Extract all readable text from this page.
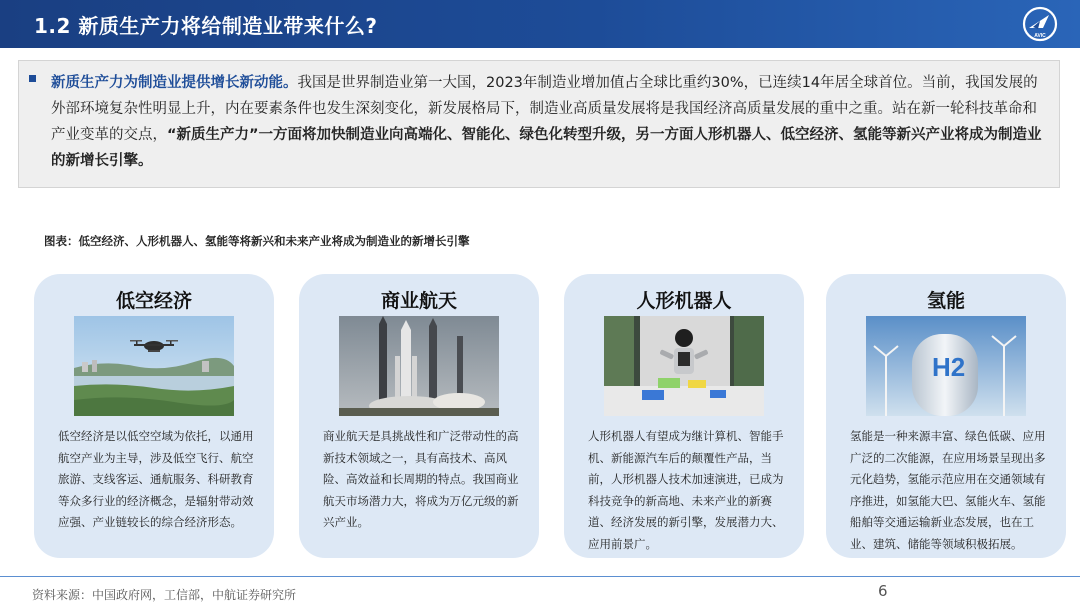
1.2 新质生产力将给制造业带来什么?	AVIC
新质生产力为制造业提供增长新动能。我国是世界制造业第一大国，2023年制造业增加值占全球比重约30%，已连续14年居全球首位。当前，我国发展的外部环境复杂性明显上升，内在要素条件也发生深刻变化，新发展格局下，制造业高质量发展将是我国经济高质量发展的重中之重。站在新一轮科技革命和产业变革的交点，“新质生产力”一方面将加快制造业向高端化、智能化、绿色化转型升级，另一方面人形机器人、低空经济、氢能等新兴产业将成为制造业的新增长引擎。
图表：低空经济、人形机器人、氢能等将新兴和未来产业将成为制造业的新增长引擎
低空经济
低空经济是以低空空域为依托，以通用航空产业为主导，涉及低空飞行、航空旅游、支线客运、通航服务、科研教育等众多行业的经济概念，是辐射带动效应强、产业链较长的综合经济形态。
商业航天
商业航天是具挑战性和广泛带动性的高新技术领域之一，具有高技术、高风险、高效益和长周期的特点。我国商业航天市场潜力大，将成为万亿元级的新兴产业。
人形机器人
人形机器人有望成为继计算机、智能手机、新能源汽车后的颠覆性产品，当前，人形机器人技术加速演进，已成为科技竞争的新高地、未来产业的新赛道、经济发展的新引擎，发展潜力大、应用前景广。
氢能
H2
氢能是一种来源丰富、绿色低碳、应用广泛的二次能源，在应用场景呈现出多元化趋势，氢能示范应用在交通领域有序推进，如氢能大巴、氢能火车、氢能船舶等交通运输新业态发展，也在工业、建筑、储能等领域积极拓展。
资料来源：中国政府网，工信部，中航证券研究所	6
